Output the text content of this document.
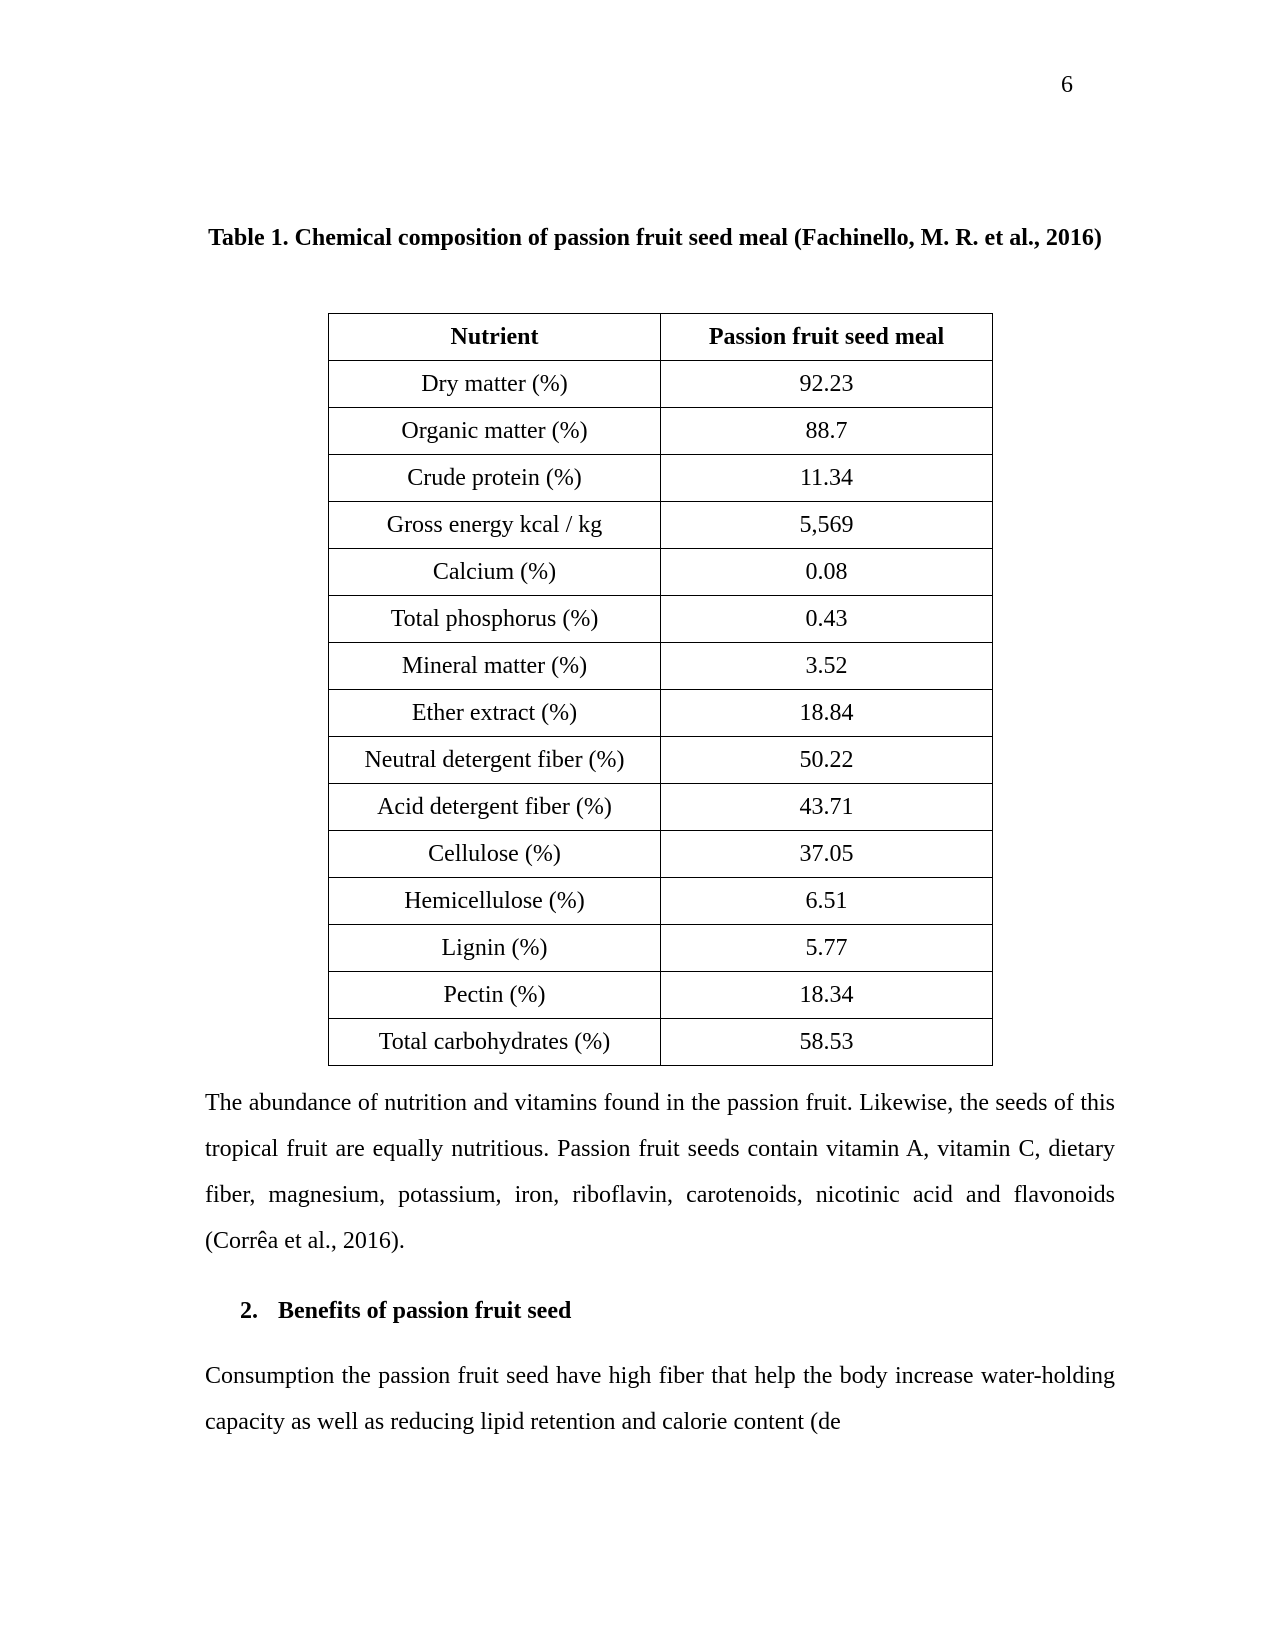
6
Table 1. Chemical composition of passion fruit seed meal (Fachinello, M. R. et al., 2016)
Nutrient	Passion fruit seed meal
Dry matter (%)	92.23
Organic matter (%)	88.7
Crude protein (%)	11.34
Gross energy kcal / kg	5,569
Calcium (%)	0.08
Total phosphorus (%)	0.43
Mineral matter (%)	3.52
Ether extract (%)	18.84
Neutral detergent fiber (%)	50.22
Acid detergent fiber (%)	43.71
Cellulose (%)	37.05
Hemicellulose (%)	6.51
Lignin (%)	5.77
Pectin (%)	18.34
Total carbohydrates (%)	58.53
The abundance of nutrition and vitamins found in the passion fruit. Likewise, the seeds of this tropical fruit are equally nutritious. Passion fruit seeds contain vitamin A, vitamin C, dietary fiber, magnesium, potassium, iron, riboflavin, carotenoids, nicotinic acid and flavonoids (Corrêa et al., 2016).
2. Benefits of passion fruit seed
Consumption the passion fruit seed have high fiber that help the body increase water-holding capacity as well as reducing lipid retention and calorie content (de
